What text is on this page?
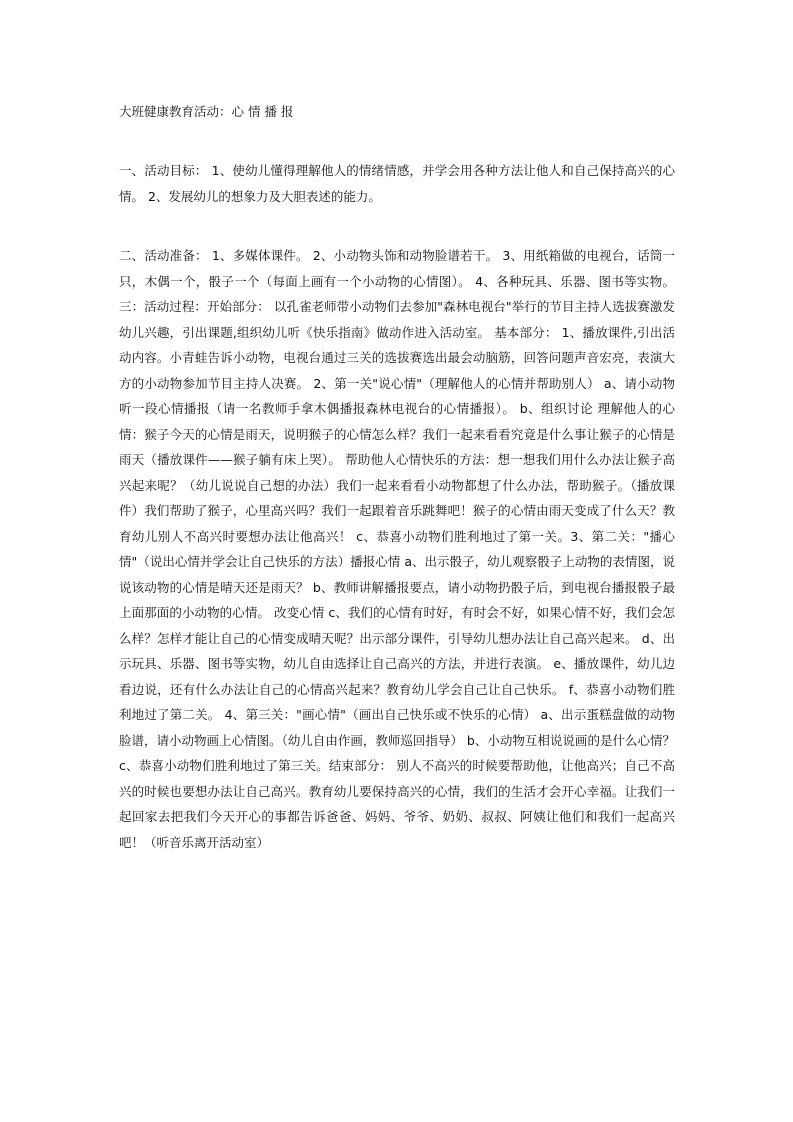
大班健康教育活动：心 情 播 报
一、活动目标： 1、使幼儿懂得理解他人的情绪情感，并学会用各种方法让他人和自己保持高兴的心情。 2、发展幼儿的想象力及大胆表述的能力。
二、活动准备： 1、多媒体课件。 2、小动物头饰和动物脸谱若干。 3、用纸箱做的电视台，话筒一只，木偶一个，骰子一个（每面上画有一个小动物的心情图）。 4、各种玩具、乐器、图书等实物。 三：活动过程：开始部分： 以孔雀老师带小动物们去参加"森林电视台"举行的节目主持人选拔赛激发幼儿兴趣，引出课题,组织幼儿听《快乐指南》做动作进入活动室。 基本部分： 1、播放课件,引出活动内容。小青蛙告诉小动物，电视台通过三关的选拔赛选出最会动脑筋，回答问题声音宏亮，表演大方的小动物参加节目主持人决赛。 2、第一关"说心情"（理解他人的心情并帮助别人） a、请小动物听一段心情播报（请一名教师手拿木偶播报森林电视台的心情播报）。 b、组织讨论 理解他人的心情：猴子今天的心情是雨天，说明猴子的心情怎么样？我们一起来看看究竟是什么事让猴子的心情是雨天（播放课件——猴子躺有床上哭）。 帮助他人心情快乐的方法：想一想我们用什么办法让猴子高兴起来呢？（幼儿说说自己想的办法）我们一起来看看小动物都想了什么办法，帮助猴子。（播放课件）我们帮助了猴子，心里高兴吗？我们一起跟着音乐跳舞吧！猴子的心情由雨天变成了什么天？教育幼儿别人不高兴时要想办法让他高兴！ c、恭喜小动物们胜利地过了第一关。3、第二关："播心情"（说出心情并学会让自己快乐的方法）播报心情 a、出示骰子，幼儿观察骰子上动物的表情图，说说该动物的心情是晴天还是雨天？ b、教师讲解播报要点，请小动物扔骰子后，到电视台播报骰子最上面那面的小动物的心情。 改变心情 c、我们的心情有时好，有时会不好，如果心情不好，我们会怎么样？怎样才能让自己的心情变成晴天呢？出示部分课件，引导幼儿想办法让自己高兴起来。 d、出示玩具、乐器、图书等实物，幼儿自由选择让自己高兴的方法，并进行表演。 e、播放课件，幼儿边看边说，还有什么办法让自己的心情高兴起来？教育幼儿学会自己让自己快乐。 f、恭喜小动物们胜利地过了第二关。 4、第三关："画心情"（画出自己快乐或不快乐的心情） a、出示蛋糕盘做的动物脸谱，请小动物画上心情图。（幼儿自由作画，教师巡回指导） b、小动物互相说说画的是什么心情？ c、恭喜小动物们胜利地过了第三关。结束部分： 别人不高兴的时候要帮助他，让他高兴；自己不高兴的时候也要想办法让自己高兴。教育幼儿要保持高兴的心情，我们的生活才会开心幸福。让我们一起回家去把我们今天开心的事都告诉爸爸、妈妈、爷爷、奶奶、叔叔、阿姨让他们和我们一起高兴吧！（听音乐离开活动室）
